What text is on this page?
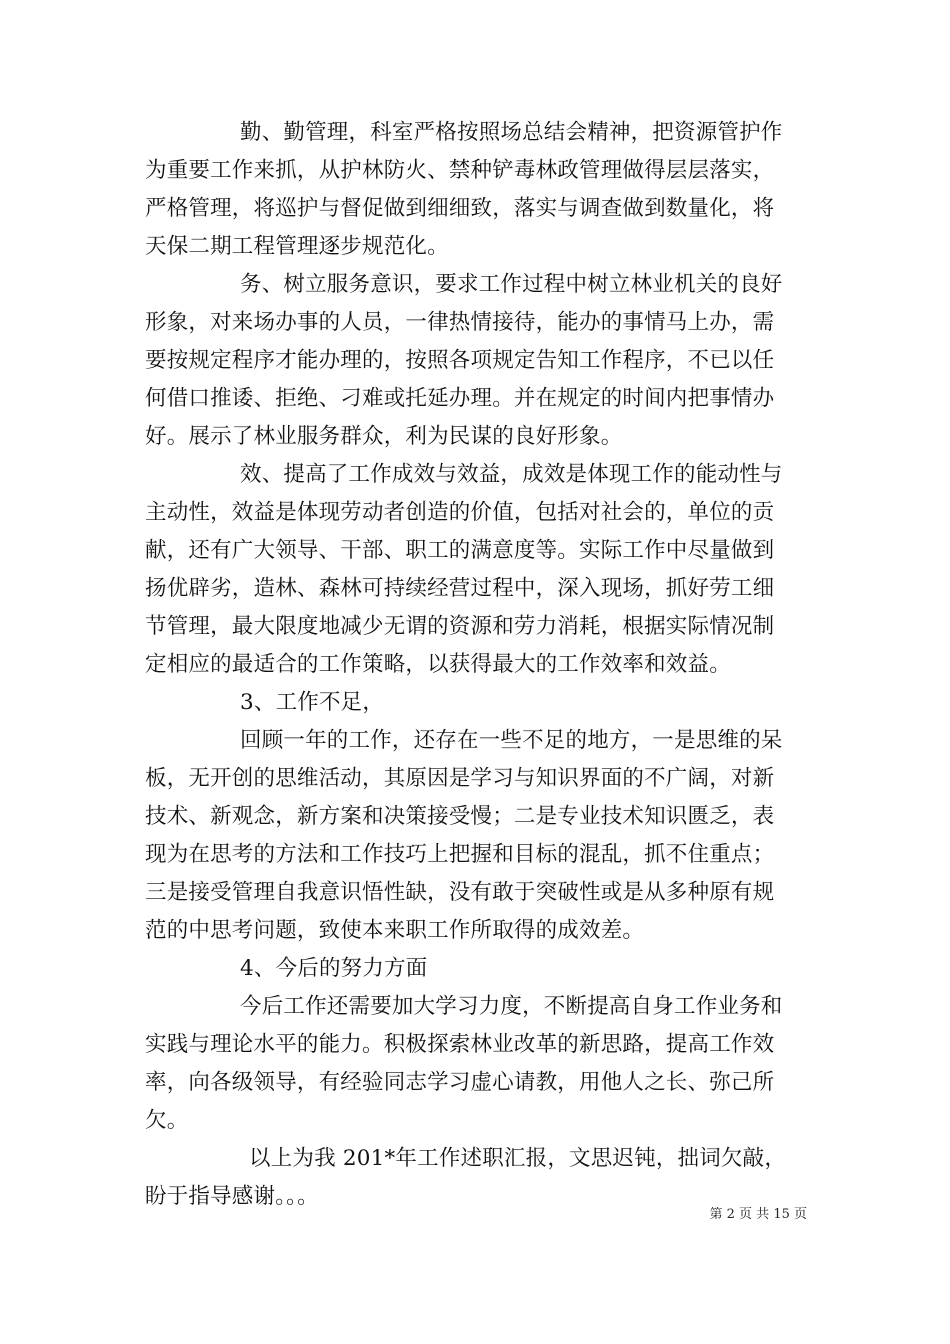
勤、勤管理，科室严格按照场总结会精神，把资源管护作
为重要工作来抓，从护林防火、禁种铲毒林政管理做得层层落实，
严格管理，将巡护与督促做到细细致，落实与调查做到数量化，将
天保二期工程管理逐步规范化。
务、树立服务意识，要求工作过程中树立林业机关的良好
形象，对来场办事的人员，一律热情接待，能办的事情马上办，需
要按规定程序才能办理的，按照各项规定告知工作程序，不已以任
何借口推诿、拒绝、刁难或托延办理。并在规定的时间内把事情办
好。展示了林业服务群众，利为民谋的良好形象。
效、提高了工作成效与效益，成效是体现工作的能动性与
主动性，效益是体现劳动者创造的价值，包括对社会的，单位的贡
献，还有广大领导、干部、职工的满意度等。实际工作中尽量做到
扬优辟劣，造林、森林可持续经营过程中，深入现场，抓好劳工细
节管理，最大限度地减少无谓的资源和劳力消耗，根据实际情况制
定相应的最适合的工作策略，以获得最大的工作效率和效益。
3、工作不足，
回顾一年的工作，还存在一些不足的地方，一是思维的呆
板，无开创的思维活动，其原因是学习与知识界面的不广阔，对新
技术、新观念，新方案和决策接受慢；二是专业技术知识匮乏，表
现为在思考的方法和工作技巧上把握和目标的混乱，抓不住重点；
三是接受管理自我意识悟性缺，没有敢于突破性或是从多种原有规
范的中思考问题，致使本来职工作所取得的成效差。
4、今后的努力方面
今后工作还需要加大学习力度，不断提高自身工作业务和
实践与理论水平的能力。积极探索林业改革的新思路，提高工作效
率，向各级领导，有经验同志学习虚心请教，用他人之长、弥己所
欠。
以上为我 201*年工作述职汇报，文思迟钝，拙词欠敲，
盼于指导感谢。。。
第 2 页 共 15 页
